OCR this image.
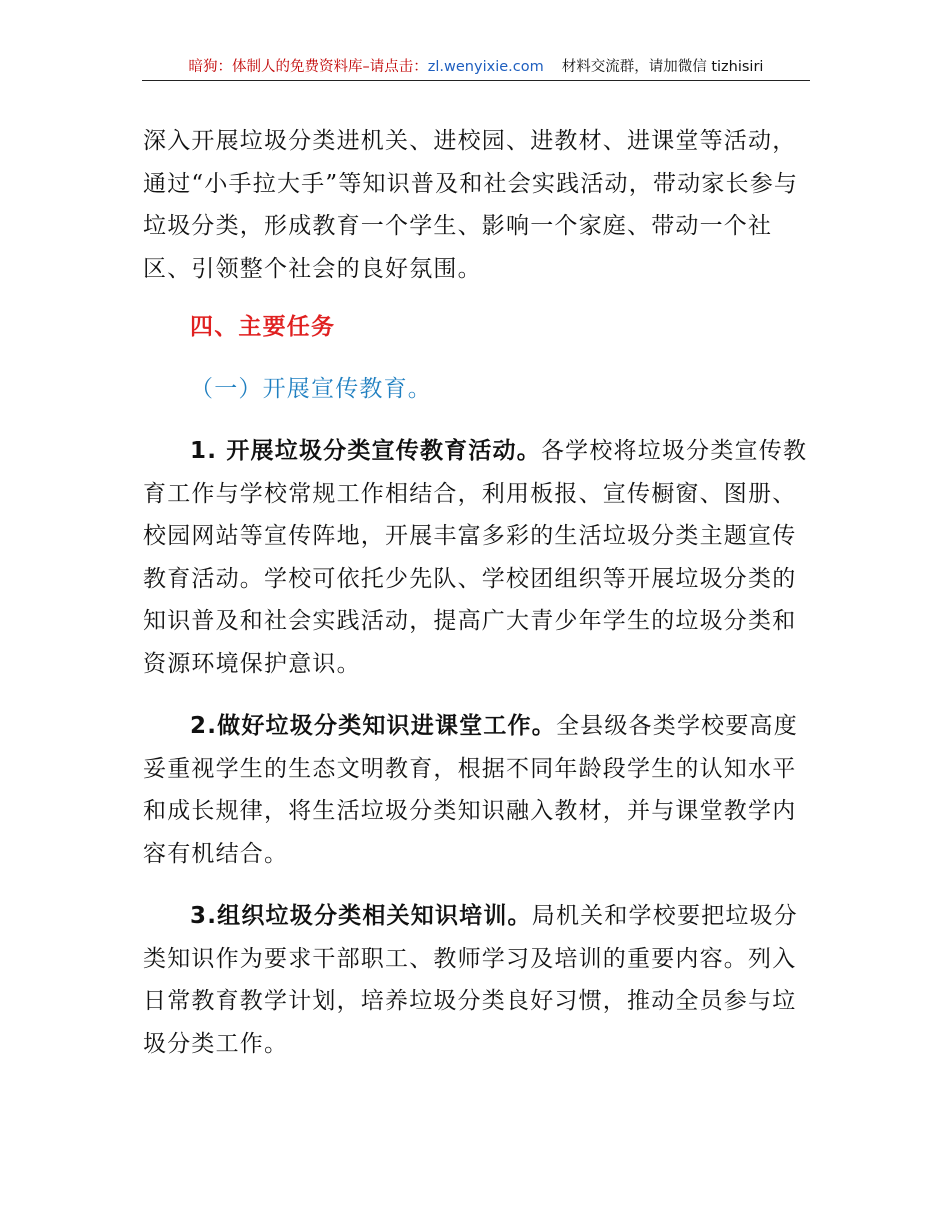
暗狗：体制人的免费资料库–请点击：zl.wenyixie.com 材料交流群，请加微信 tizhisiri

深入开展垃圾分类进机关、进校园、进教材、进课堂等活动，通过“小手拉大手”等知识普及和社会实践活动，带动家长参与垃圾分类，形成教育一个学生、影响一个家庭、带动一个社区、引领整个社会的良好氛围。

四、主要任务
（一）开展宣传教育。

1. 开展垃圾分类宣传教育活动。各学校将垃圾分类宣传教育工作与学校常规工作相结合，利用板报、宣传橱窗、图册、校园网站等宣传阵地，开展丰富多彩的生活垃圾分类主题宣传教育活动。学校可依托少先队、学校团组织等开展垃圾分类的知识普及和社会实践活动，提高广大青少年学生的垃圾分类和资源环境保护意识。

2.做好垃圾分类知识进课堂工作。全县级各类学校要高度妥重视学生的生态文明教育，根据不同年龄段学生的认知水平和成长规律，将生活垃圾分类知识融入教材，并与课堂教学内容有机结合。

3.组织垃圾分类相关知识培训。局机关和学校要把垃圾分类知识作为要求干部职工、教师学习及培训的重要内容。列入日常教育教学计划，培养垃圾分类良好习惯，推动全员参与垃圾分类工作。
